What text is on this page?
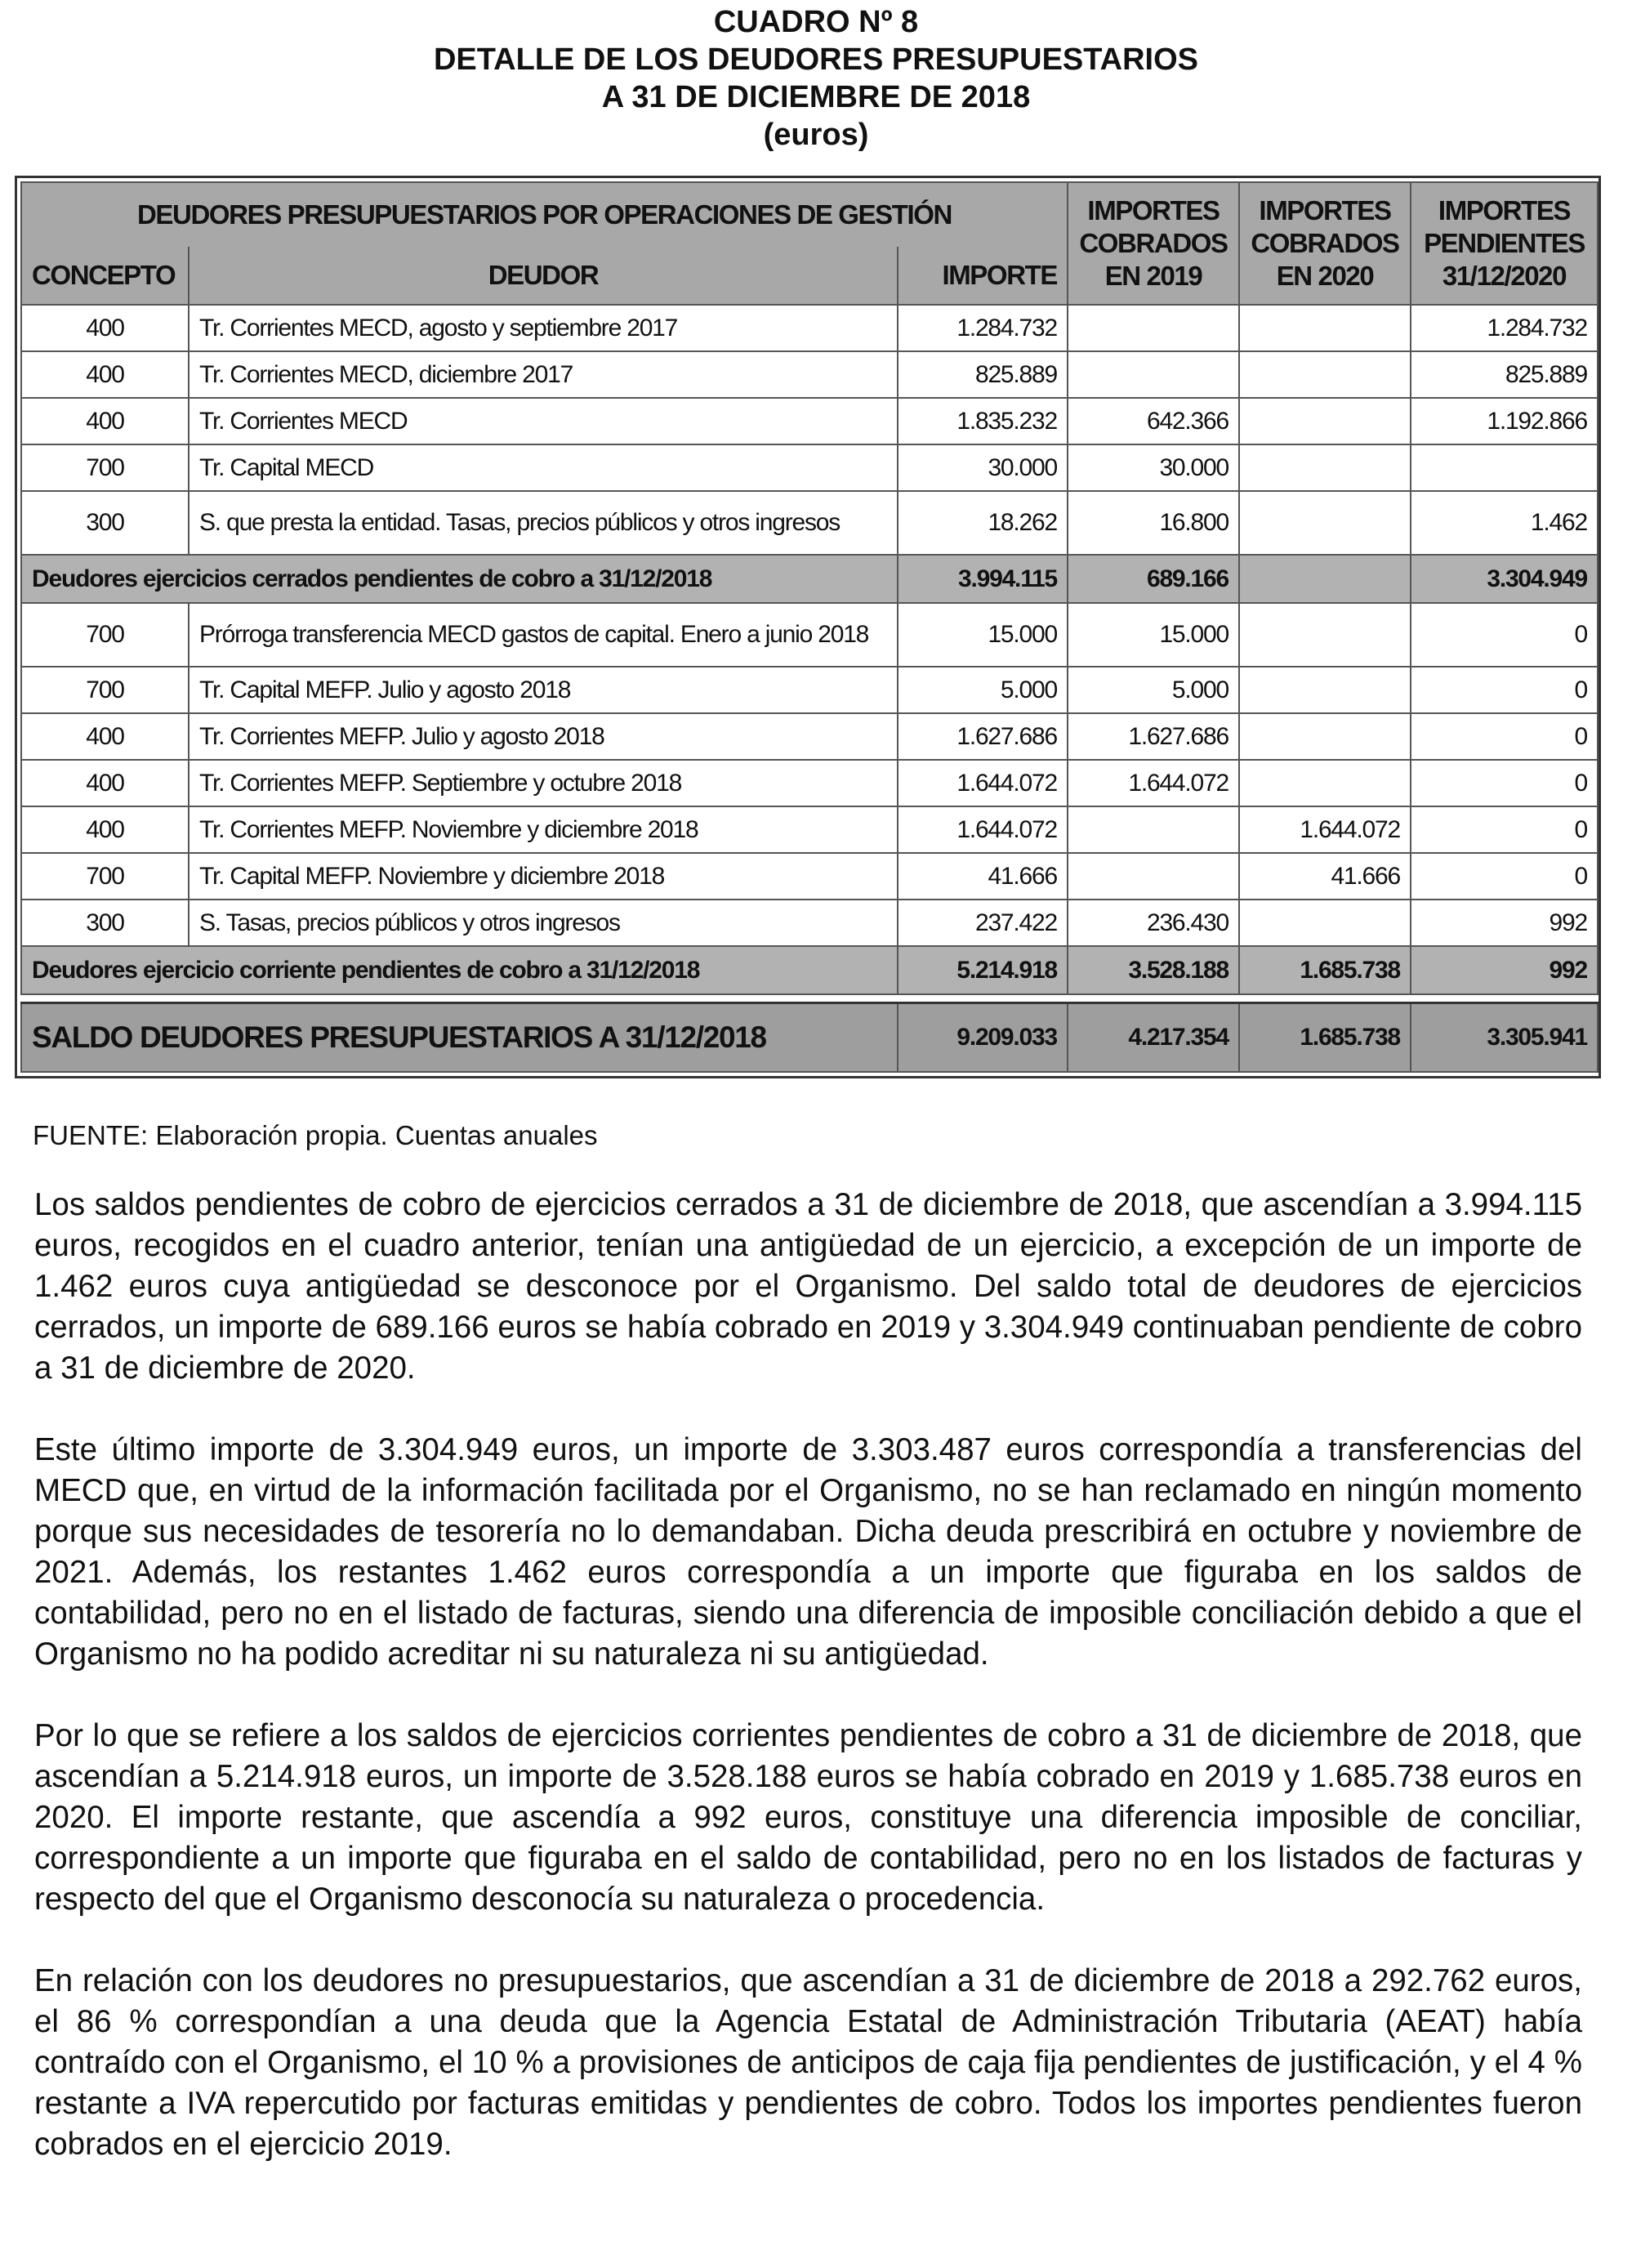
CUADRO Nº 8

DETALLE DE LOS DEUDORES PRESUPUESTARIOS

A 31 DE DICIEMBRE DE 2018

(euros)

DEUDORES PRESUPUESTARIOS POR OPERACIONES DE GESTIÓN			IMPORTES COBRADOS EN 2019	IMPORTES COBRADOS EN 2020	IMPORTES PENDIENTES 31/12/2020
CONCEPTO	DEUDOR	IMPORTE			
400	Tr. Corrientes MECD, agosto y septiembre 2017	1.284.732			1.284.732
400	Tr. Corrientes MECD, diciembre 2017	825.889			825.889
400	Tr. Corrientes MECD	1.835.232	642.366		1.192.866
700	Tr. Capital MECD	30.000	30.000		
300	S. que presta la entidad. Tasas, precios públicos y otros ingresos	18.262	16.800		1.462
Deudores ejercicios cerrados pendientes de cobro a 31/12/2018		3.994.115	689.166		3.304.949
700	Prórroga transferencia MECD gastos de capital. Enero a junio 2018	15.000	15.000		0
700	Tr. Capital MEFP. Julio y agosto 2018	5.000	5.000		0
400	Tr. Corrientes MEFP. Julio y agosto 2018	1.627.686	1.627.686		0
400	Tr. Corrientes MEFP. Septiembre y octubre 2018	1.644.072	1.644.072		0
400	Tr. Corrientes MEFP. Noviembre y diciembre 2018	1.644.072		1.644.072	0
700	Tr. Capital MEFP. Noviembre y diciembre 2018	41.666		41.666	0
300	S. Tasas, precios públicos y otros ingresos	237.422	236.430		992
Deudores ejercicio corriente pendientes de cobro a 31/12/2018		5.214.918	3.528.188	1.685.738	992

SALDO DEUDORES PRESUPUESTARIOS A 31/12/2018		9.209.033	4.217.354	1.685.738	3.305.941

FUENTE: Elaboración propia. Cuentas anuales

Los saldos pendientes de cobro de ejercicios cerrados a 31 de diciembre de 2018, que ascendían a 3.994.115 euros, recogidos en el cuadro anterior, tenían una antigüedad de un ejercicio, a excepción de un importe de 1.462 euros cuya antigüedad se desconoce por el Organismo. Del saldo total de deudores de ejercicios cerrados, un importe de 689.166 euros se había cobrado en 2019 y 3.304.949 continuaban pendiente de cobro a 31 de diciembre de 2020.

Este último importe de 3.304.949 euros, un importe de 3.303.487 euros correspondía a transferencias del MECD que, en virtud de la información facilitada por el Organismo, no se han reclamado en ningún momento porque sus necesidades de tesorería no lo demandaban. Dicha deuda prescribirá en octubre y noviembre de 2021. Además, los restantes 1.462 euros correspondía a un importe que figuraba en los saldos de contabilidad, pero no en el listado de facturas, siendo una diferencia de imposible conciliación debido a que el Organismo no ha podido acreditar ni su naturaleza ni su antigüedad.

Por lo que se refiere a los saldos de ejercicios corrientes pendientes de cobro a 31 de diciembre de 2018, que ascendían a 5.214.918 euros, un importe de 3.528.188 euros se había cobrado en 2019 y 1.685.738 euros en 2020. El importe restante, que ascendía a 992 euros, constituye una diferencia imposible de conciliar, correspondiente a un importe que figuraba en el saldo de contabilidad, pero no en los listados de facturas y respecto del que el Organismo desconocía su naturaleza o procedencia.

En relación con los deudores no presupuestarios, que ascendían a 31 de diciembre de 2018 a 292.762 euros, el 86 % correspondían a una deuda que la Agencia Estatal de Administración Tributaria (AEAT) había contraído con el Organismo, el 10 % a provisiones de anticipos de caja fija pendientes de justificación, y el 4 % restante a IVA repercutido por facturas emitidas y pendientes de cobro. Todos los importes pendientes fueron cobrados en el ejercicio 2019.
